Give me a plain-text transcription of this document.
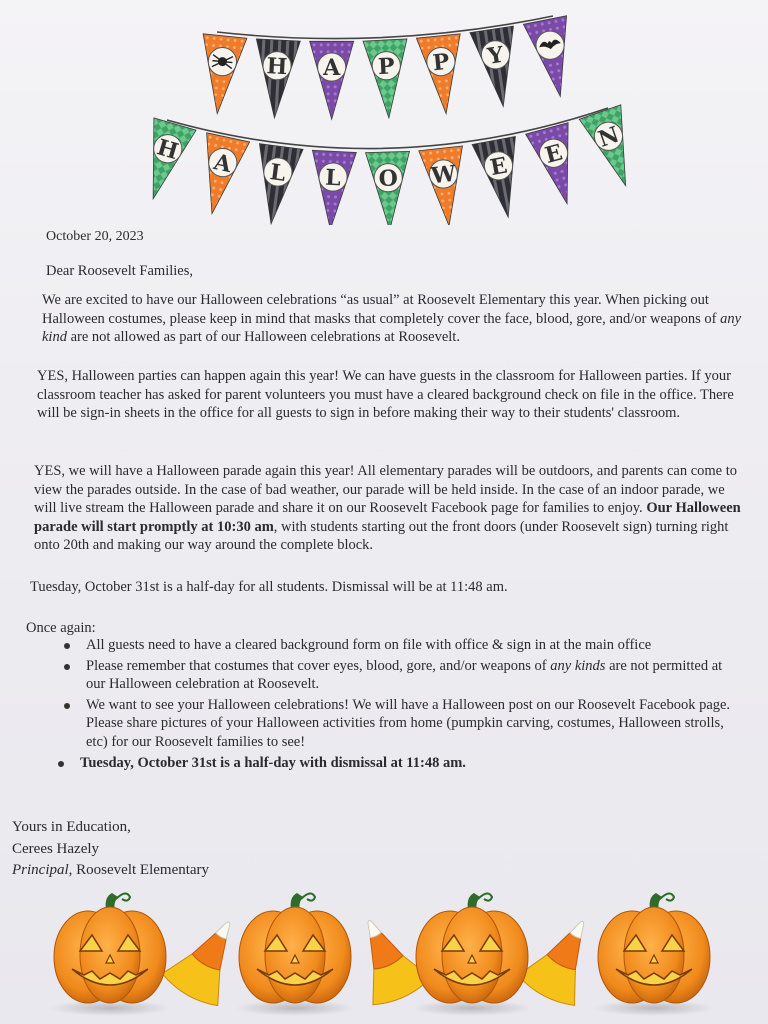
H A P P Y
H A L L O W E E
N
October 20, 2023
Dear Roosevelt Families,
We are excited to have our Halloween celebrations “as usual” at Roosevelt Elementary this year. When picking out Halloween costumes, please keep in mind that masks that completely cover the face, blood, gore, and/or weapons of any kind are not allowed as part of our Halloween celebrations at Roosevelt.
YES, Halloween parties can happen again this year! We can have guests in the classroom for Halloween parties. If your classroom teacher has asked for parent volunteers you must have a cleared background check on file in the office. There will be sign-in sheets in the office for all guests to sign in before making their way to their students' classroom.
YES, we will have a Halloween parade again this year! All elementary parades will be outdoors, and parents can come to view the parades outside. In the case of bad weather, our parade will be held inside. In the case of an indoor parade, we will live stream the Halloween parade and share it on our Roosevelt Facebook page for families to enjoy. Our Halloween parade will start promptly at 10:30 am, with students starting out the front doors (under Roosevelt sign) turning right onto 20th and making our way around the complete block.
Tuesday, October 31st is a half-day for all students. Dismissal will be at 11:48 am.
Once again:
All guests need to have a cleared background form on file with office & sign in at the main office
Please remember that costumes that cover eyes, blood, gore, and/or weapons of any kinds are not permitted at our Halloween celebration at Roosevelt.
We want to see your Halloween celebrations! We will have a Halloween post on our Roosevelt Facebook page. Please share pictures of your Halloween activities from home (pumpkin carving, costumes, Halloween strolls, etc) for our Roosevelt families to see!
Tuesday, October 31st is a half-day with dismissal at 11:48 am.
Yours in Education,
Cerees Hazely
Principal, Roosevelt Elementary
